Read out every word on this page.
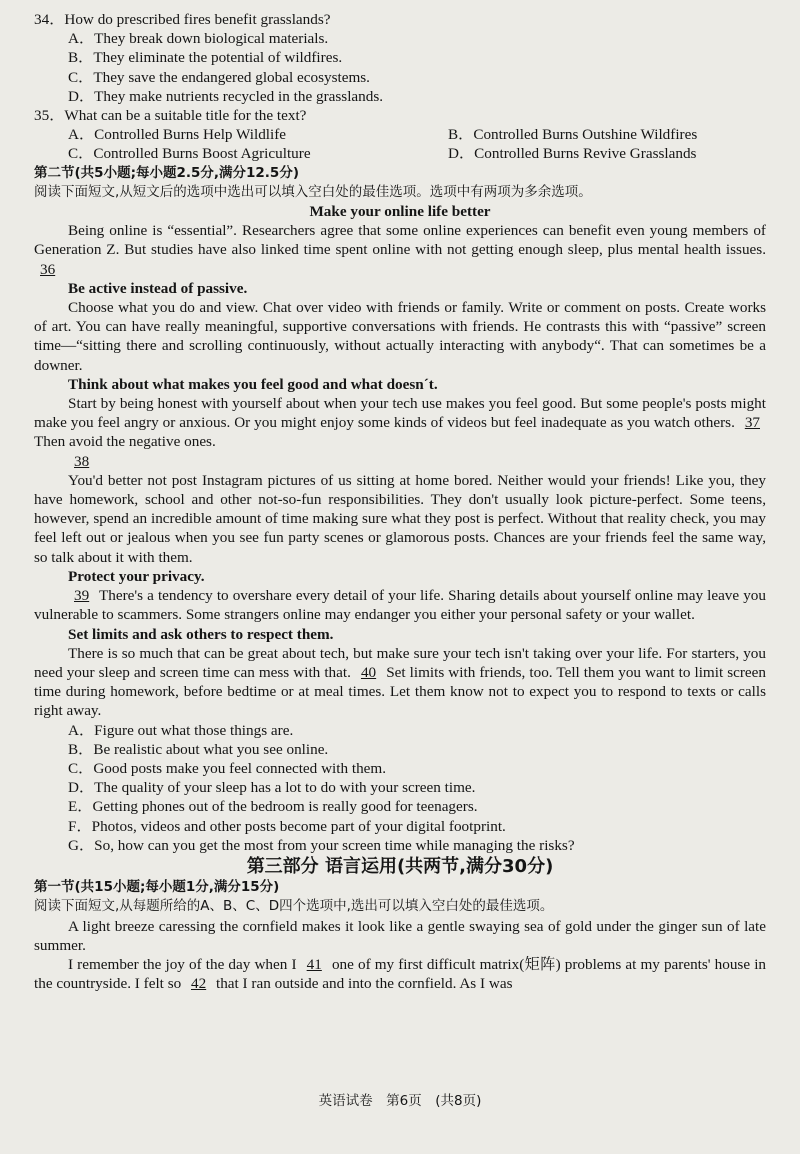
34．How do prescribed fires benefit grasslands?
A．They break down biological materials.
B．They eliminate the potential of wildfires.
C．They save the endangered global ecosystems.
D．They make nutrients recycled in the grasslands.
35．What can be a suitable title for the text?
A．Controlled Burns Help Wildlife	B．Controlled Burns Outshine Wildfires
C．Controlled Burns Boost Agriculture	D．Controlled Burns Revive Grasslands
第二节(共5小题;每小题2.5分,满分12.5分)
阅读下面短文,从短文后的选项中选出可以填入空白处的最佳选项。选项中有两项为多余选项。
Make your online life better

Being online is “essential”. Researchers agree that some online experiences can benefit even young members of Generation Z. But studies have also linked time spent online with not getting enough sleep, plus mental health issues. 36

Be active instead of passive.

Choose what you do and view. Chat over video with friends or family. Write or comment on posts. Create works of art. You can have really meaningful, supportive conversations with friends. He contrasts this with “passive” screen time—“sitting there and scrolling continuously, without actually interacting with anybody“. That can sometimes be a downer.

Think about what makes you feel good and what doesn´t.

Start by being honest with yourself about when your tech use makes you feel good. But some people's posts might make you feel angry or anxious. Or you might enjoy some kinds of videos but feel inadequate as you watch others. 37 Then avoid the negative ones.

38

You'd better not post Instagram pictures of us sitting at home bored. Neither would your friends! Like you, they have homework, school and other not-so-fun responsibilities. They don't usually look picture-perfect. Some teens, however, spend an incredible amount of time making sure what they post is perfect. Without that reality check, you may feel left out or jealous when you see fun party scenes or glamorous posts. Chances are your friends feel the same way, so talk about it with them.

Protect your privacy.

39 There's a tendency to overshare every detail of your life. Sharing details about yourself online may leave you vulnerable to scammers. Some strangers online may endanger you either your personal safety or your wallet.

Set limits and ask others to respect them.

There is so much that can be great about tech, but make sure your tech isn't taking over your life. For starters, you need your sleep and screen time can mess with that. 40 Set limits with friends, too. Tell them you want to limit screen time during homework, before bedtime or at meal times. Let them know not to expect you to respond to texts or calls right away.

A．Figure out what those things are.
B．Be realistic about what you see online.
C．Good posts make you feel connected with them.
D．The quality of your sleep has a lot to do with your screen time.
E．Getting phones out of the bedroom is really good for teenagers.
F．Photos, videos and other posts become part of your digital footprint.
G．So, how can you get the most from your screen time while managing the risks?
第三部分 语言运用(共两节,满分30分)
第一节(共15小题;每小题1分,满分15分)
阅读下面短文,从每题所给的A、B、C、D四个选项中,选出可以填入空白处的最佳选项。

A light breeze caressing the cornfield makes it look like a gentle swaying sea of gold under the ginger sun of late summer.

I remember the joy of the day when I 41 one of my first difficult matrix(矩阵) problems at my parents' house in the countryside. I felt so 42 that I ran outside and into the cornfield. As I was

英语试卷　第6页　(共8页)
